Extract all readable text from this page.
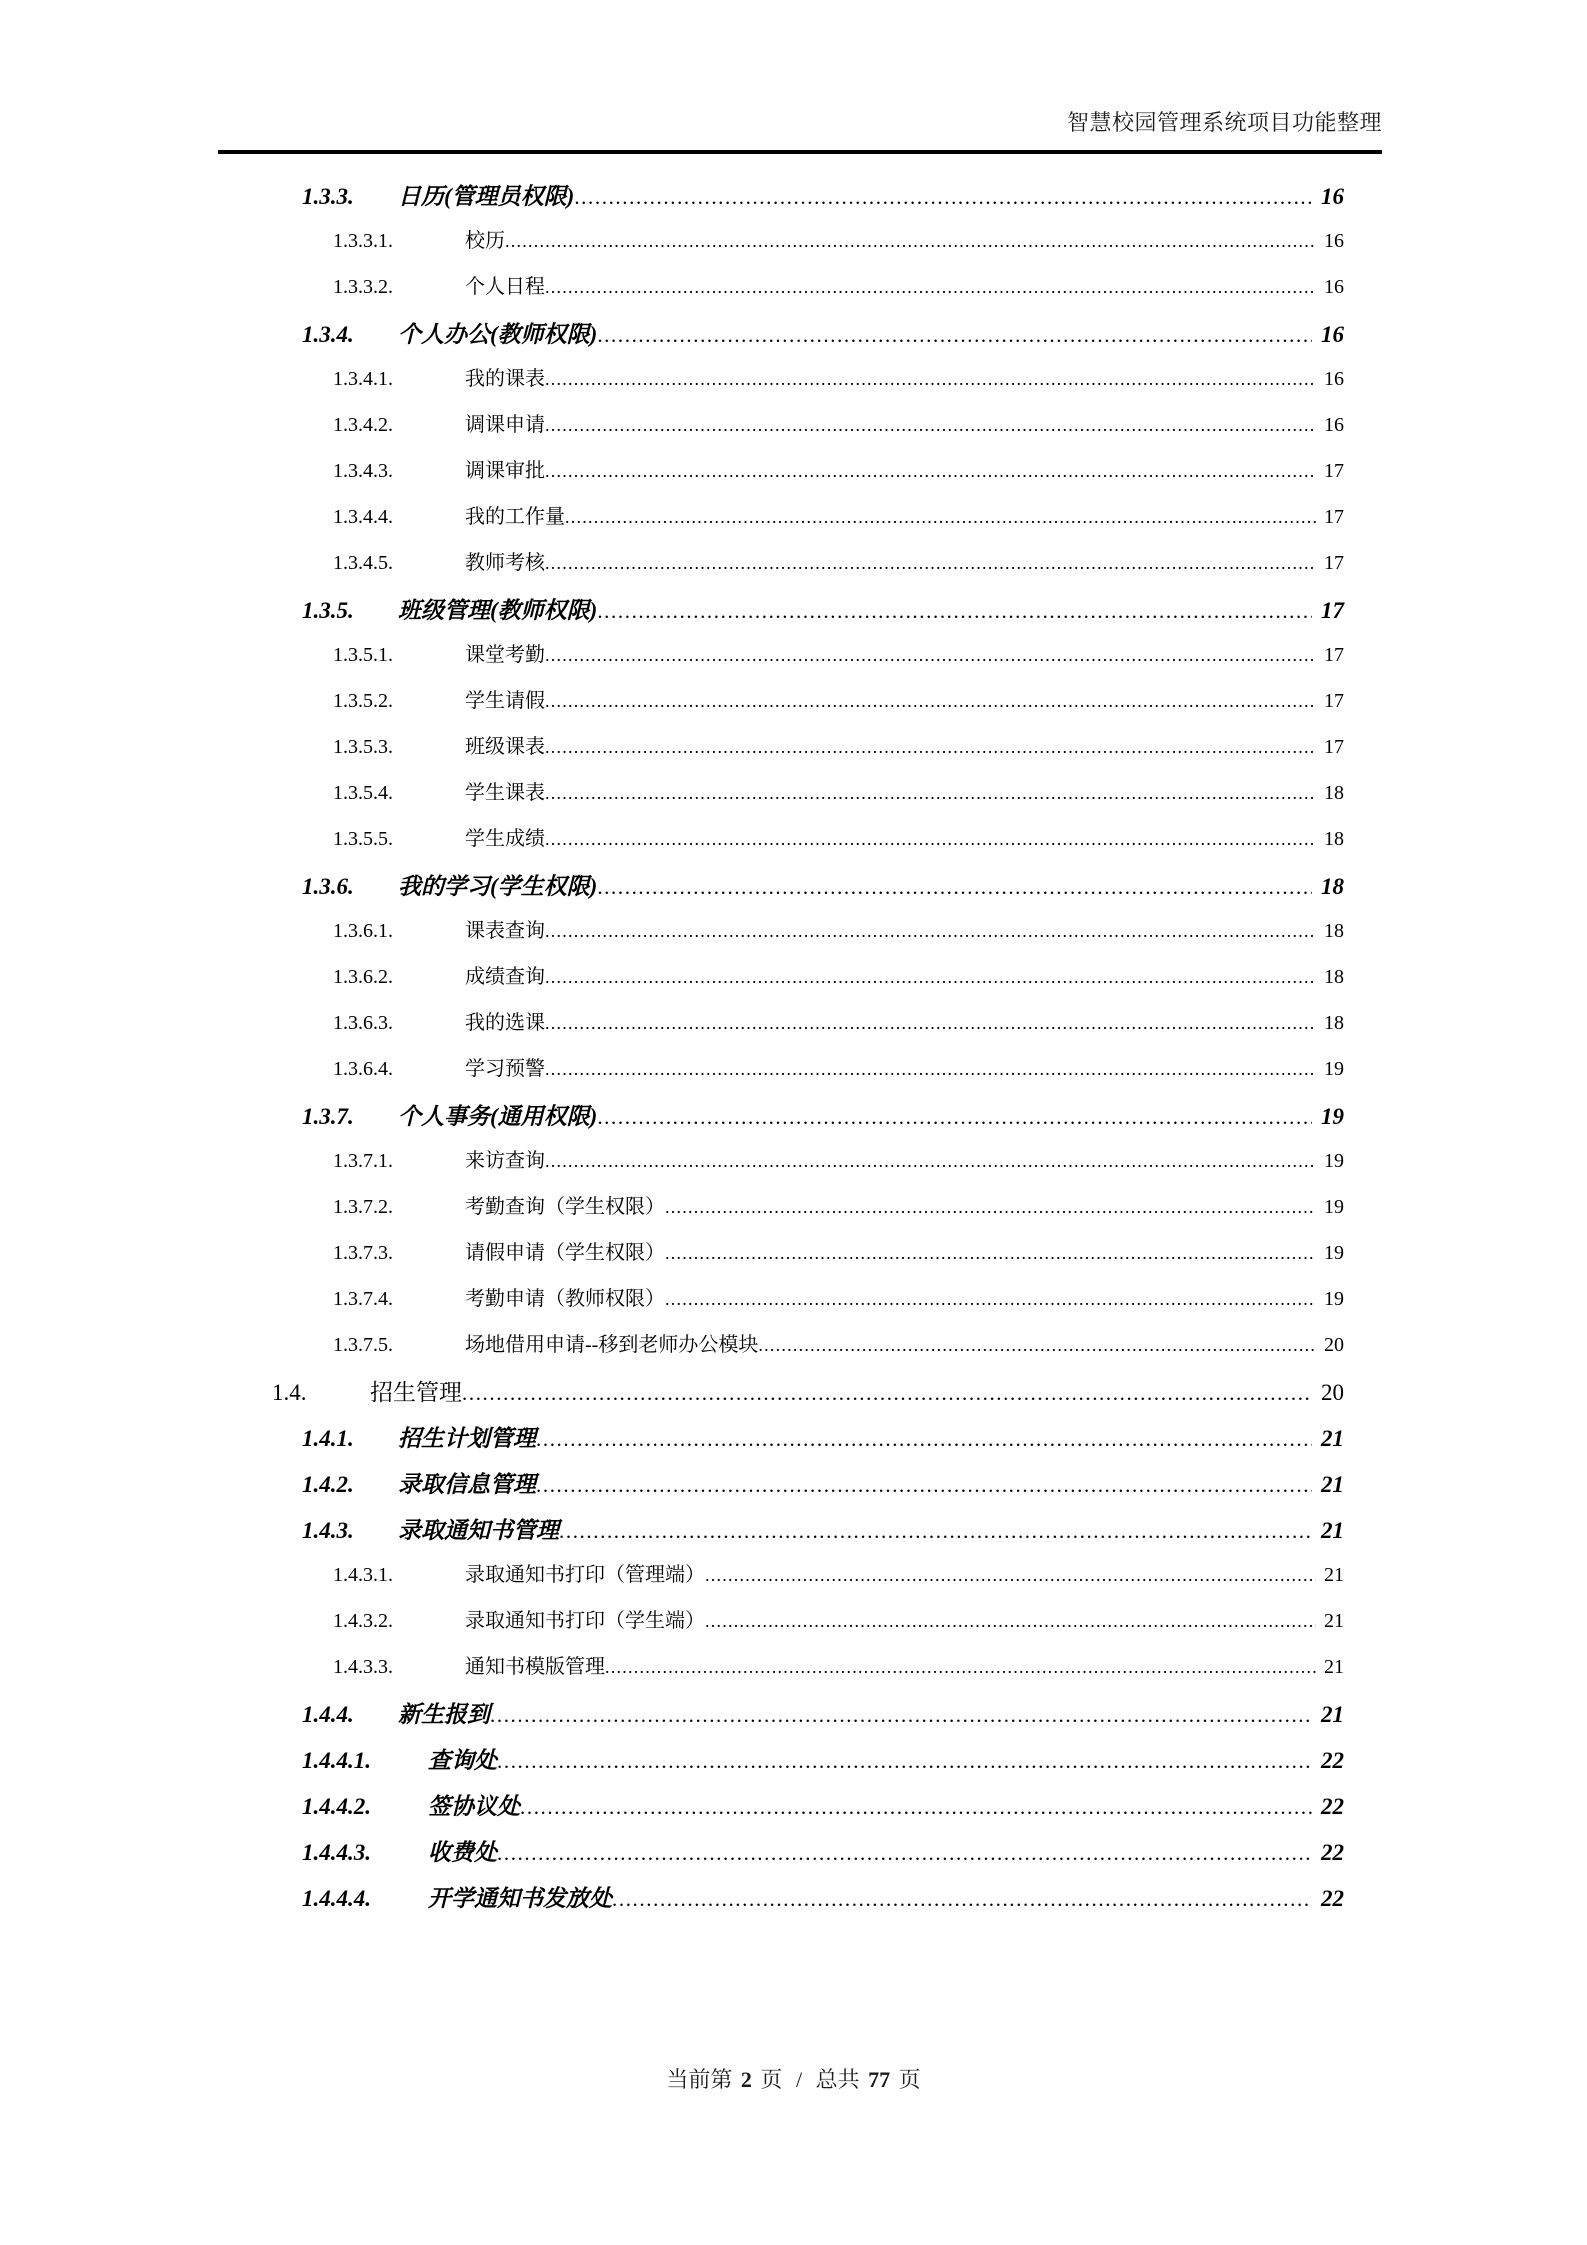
智慧校园管理系统项目功能整理
1.3.3.	日历(管理员权限) .....	16
1.3.3.1.	校历 .....	16
1.3.3.2.	个人日程 .....	16
1.3.4.	个人办公(教师权限) .....	16
1.3.4.1.	我的课表 .....	16
1.3.4.2.	调课申请 .....	16
1.3.4.3.	调课审批 .....	17
1.3.4.4.	我的工作量 .....	17
1.3.4.5.	教师考核 .....	17
1.3.5.	班级管理(教师权限) .....	17
1.3.5.1.	课堂考勤 .....	17
1.3.5.2.	学生请假 .....	17
1.3.5.3.	班级课表 .....	17
1.3.5.4.	学生课表 .....	18
1.3.5.5.	学生成绩 .....	18
1.3.6.	我的学习(学生权限) .....	18
1.3.6.1.	课表查询 .....	18
1.3.6.2.	成绩查询 .....	18
1.3.6.3.	我的选课 .....	18
1.3.6.4.	学习预警 .....	19
1.3.7.	个人事务(通用权限) .....	19
1.3.7.1.	来访查询 .....	19
1.3.7.2.	考勤查询（学生权限） .....	19
1.3.7.3.	请假申请（学生权限） .....	19
1.3.7.4.	考勤申请（教师权限） .....	19
1.3.7.5.	场地借用申请--移到老师办公模块 .....	20
1.4.	招生管理 .....	20
1.4.1.	招生计划管理 .....	21
1.4.2.	录取信息管理 .....	21
1.4.3.	录取通知书管理 .....	21
1.4.3.1.	录取通知书打印（管理端） .....	21
1.4.3.2.	录取通知书打印（学生端） .....	21
1.4.3.3.	通知书模版管理 .....	21
1.4.4.	新生报到 .....	21
1.4.4.1.	查询处 .....	22
1.4.4.2.	签协议处 .....	22
1.4.4.3.	收费处 .....	22
1.4.4.4.	开学通知书发放处 .....	22
当前第 2 页 / 总共 77 页
